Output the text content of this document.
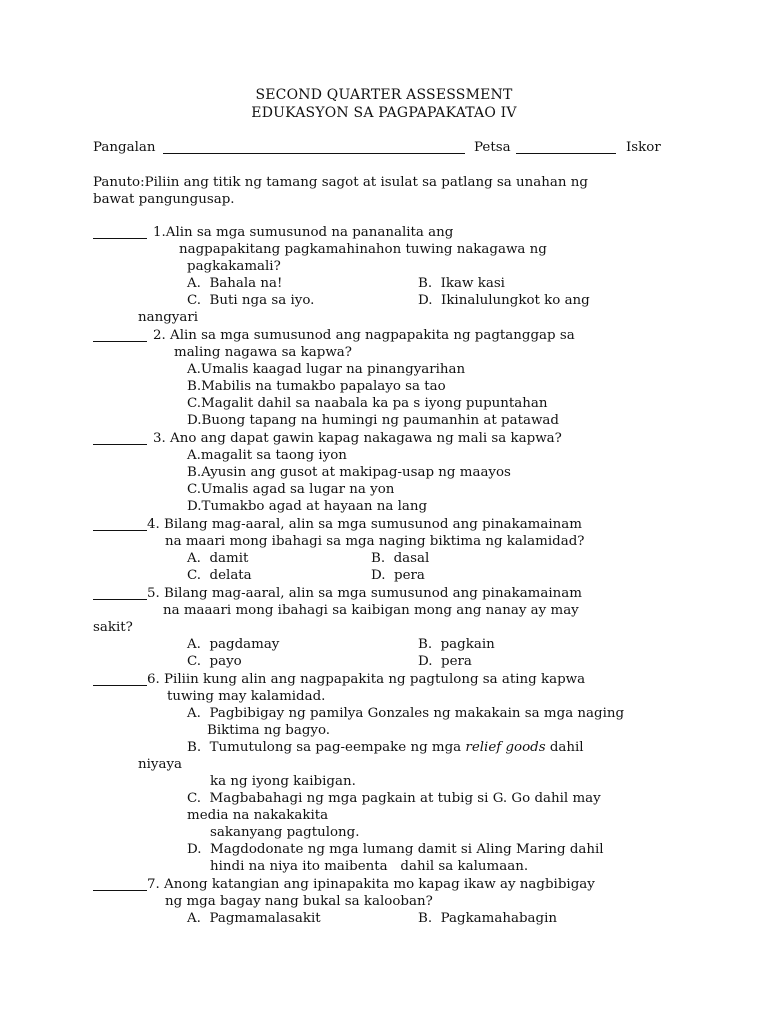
SECOND QUARTER ASSESSMENT
EDUKASYON SA PAGPAPAKATAO IV
Pangalan	Petsa	Iskor
Panuto:Piliin ang titik ng tamang sagot at isulat sa patlang sa unahan ng
bawat pangungusap.
1.Alin sa mga sumusunod na pananalita ang
nagpapakitang pagkamahinahon tuwing nakagawa ng
pagkakamali?
A.  Bahala na!	B.  Ikaw kasi
C.  Buti nga sa iyo.	D.  Ikinalulungkot ko ang
nangyari
2. Alin sa mga sumusunod ang nagpapakita ng pagtanggap sa
maling nagawa sa kapwa?
A.Umalis kaagad lugar na pinangyarihan
B.Mabilis na tumakbo papalayo sa tao
C.Magalit dahil sa naabala ka pa s iyong pupuntahan
D.Buong tapang na humingi ng paumanhin at patawad
3. Ano ang dapat gawin kapag nakagawa ng mali sa kapwa?
A.magalit sa taong iyon
B.Ayusin ang gusot at makipag-usap ng maayos
C.Umalis agad sa lugar na yon
D.Tumakbo agad at hayaan na lang
4. Bilang mag-aaral, alin sa mga sumusunod ang pinakamainam
na maari mong ibahagi sa mga naging biktima ng kalamidad?
A.  damit	B.  dasal
C.  delata	D.  pera
5. Bilang mag-aaral, alin sa mga sumusunod ang pinakamainam
na maaari mong ibahagi sa kaibigan mong ang nanay ay may
sakit?
A.  pagdamay	B.  pagkain
C.  payo	D.  pera
6. Piliin kung alin ang nagpapakita ng pagtulong sa ating kapwa
tuwing may kalamidad.
A.  Pagbibigay ng pamilya Gonzales ng makakain sa mga naging
Biktima ng bagyo.
B.  Tumutulong sa pag-eempake ng mga relief goods dahil
niyaya
ka ng iyong kaibigan.
C.  Magbabahagi ng mga pagkain at tubig si G. Go dahil may
media na nakakakita
sakanyang pagtulong.
D.  Magdodonate ng mga lumang damit si Aling Maring dahil
hindi na niya ito maibenta   dahil sa kalumaan.
7. Anong katangian ang ipinapakita mo kapag ikaw ay nagbibigay
ng mga bagay nang bukal sa kalooban?
A.  Pagmamalasakit	B.  Pagkamahabagin
